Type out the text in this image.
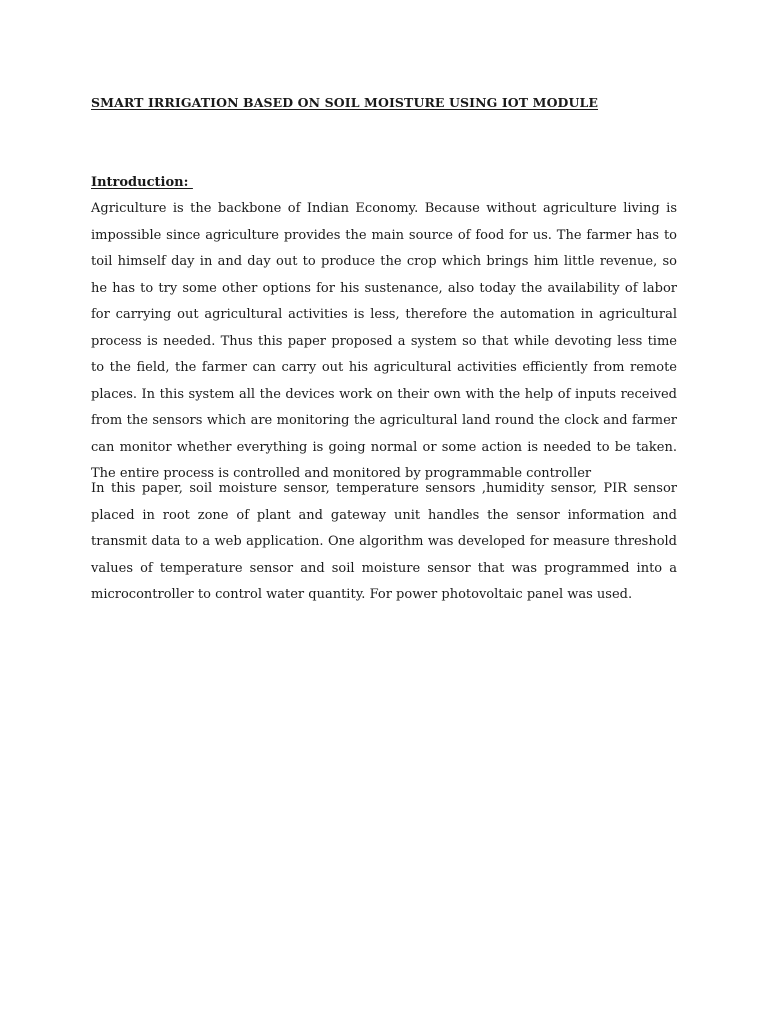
SMART IRRIGATION BASED ON SOIL MOISTURE USING IOT MODULE
Introduction:

Agriculture is the backbone of Indian Economy. Because without agriculture living is impossible since agriculture provides the main source of food for us. The farmer has to toil himself day in and day out to produce the crop which brings him little revenue, so he has to try some other options for his sustenance, also today the availability of labor for carrying out agricultural activities is less, therefore the automation in agricultural process is needed. Thus this paper proposed a system so that while devoting less time to the field, the farmer can carry out his agricultural activities efficiently from remote places. In this system all the devices work on their own with the help of inputs received from the sensors which are monitoring the agricultural land round the clock and farmer can monitor whether everything is going normal or some action is needed to be taken. The entire process is controlled and monitored by programmable controller

In this paper, soil moisture sensor, temperature sensors ,humidity sensor, PIR sensor placed in root zone of plant and gateway unit handles the sensor information and transmit data to a web application. One algorithm was developed for measure threshold values of temperature sensor and soil moisture sensor that was programmed into a microcontroller to control water quantity. For power photovoltaic panel was used.
